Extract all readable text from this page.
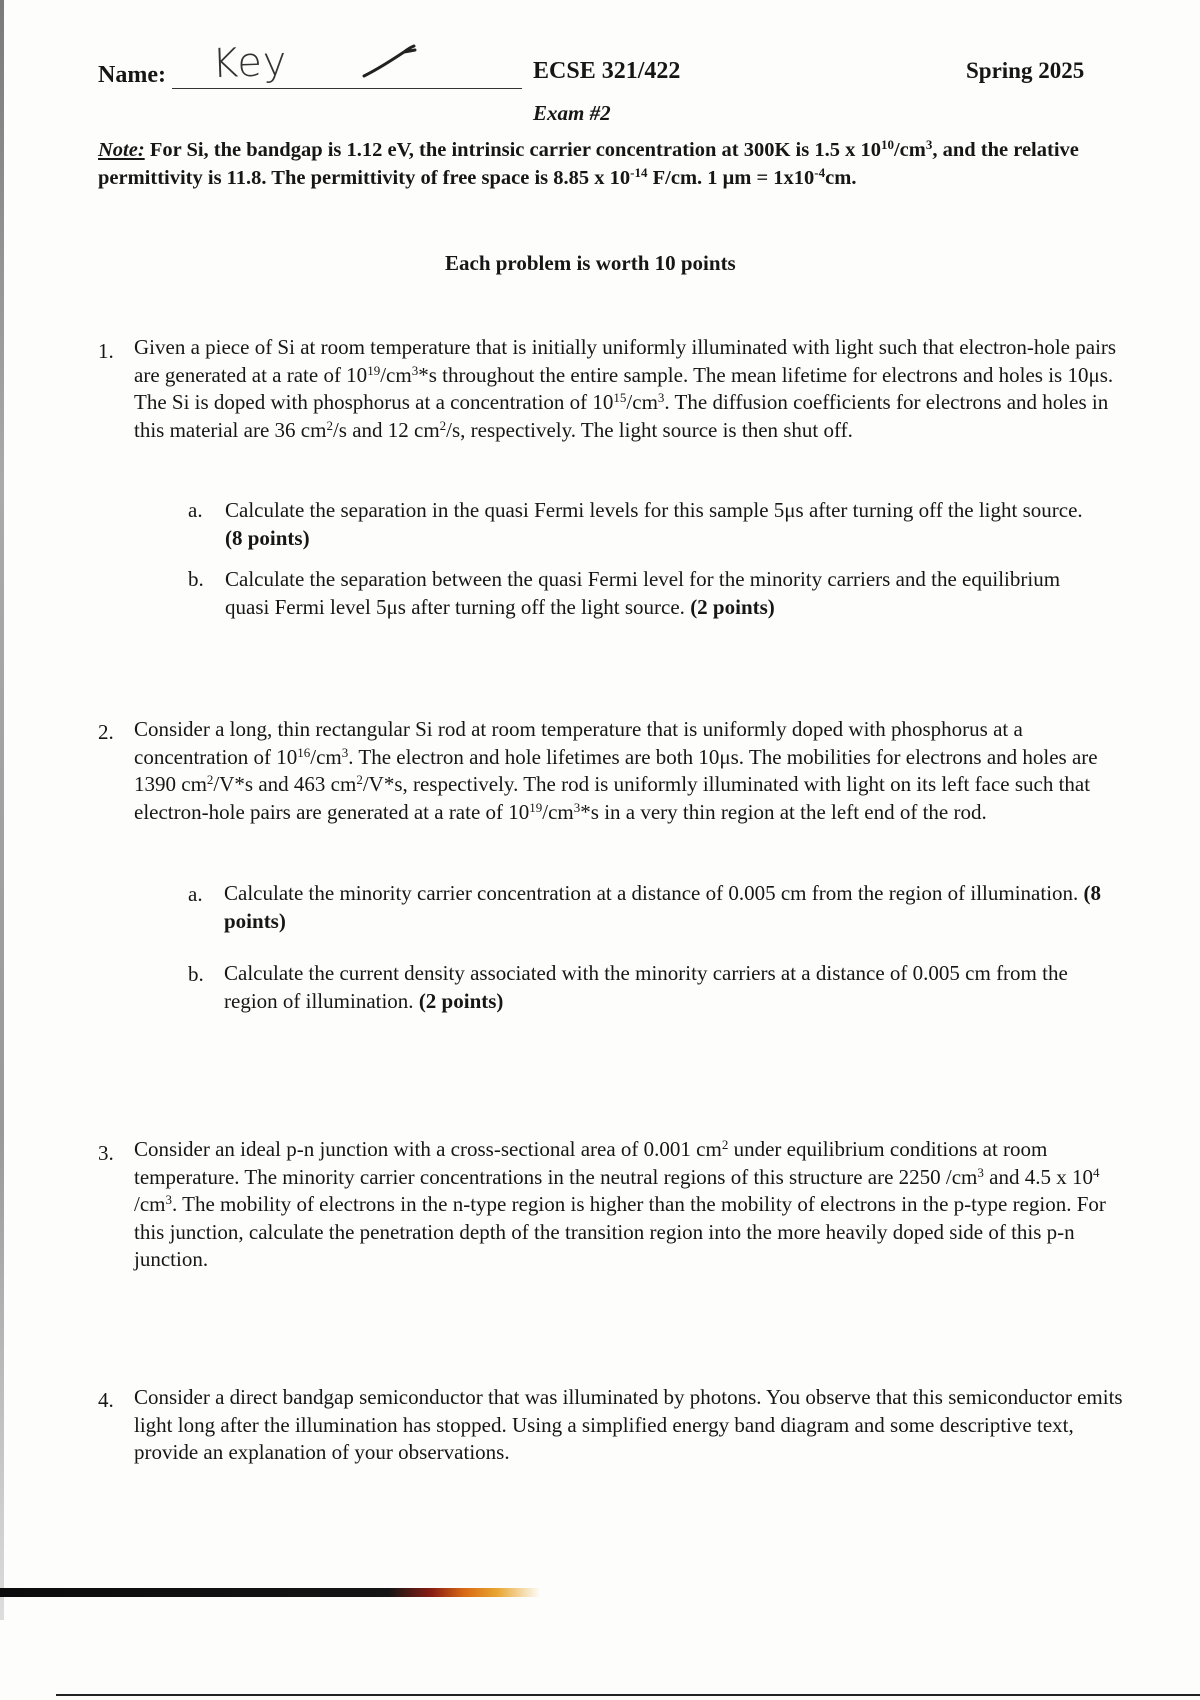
Name: Key	ECSE 321/422	Spring 2025
Exam #2
Note: For Si, the bandgap is 1.12 eV, the intrinsic carrier concentration at 300K is 1.5 x $10^{10}/cm^3$, and the relative permittivity is 11.8. The permittivity of free space is 8.85 x $10^{-14}$ F/cm. 1 $\mu m = 1x10^{-4}cm$.
Each problem is worth 10 points
1. Given a piece of Si at room temperature that is initially uniformly illuminated with light such that electron-hole pairs are generated at a rate of $10^{19}/cm^3*s$ throughout the entire sample. The mean lifetime for electrons and holes is 10μs. The Si is doped with phosphorus at a concentration of $10^{15}/cm^3$. The diffusion coefficients for electrons and holes in this material are 36 $cm^2/s$ and 12 $cm^2/s$, respectively. The light source is then shut off.
a. Calculate the separation in the quasi Fermi levels for this sample 5μs after turning off the light source. (8 points)
b. Calculate the separation between the quasi Fermi level for the minority carriers and the equilibrium quasi Fermi level 5μs after turning off the light source. (2 points)
2. Consider a long, thin rectangular Si rod at room temperature that is uniformly doped with phosphorus at a concentration of $10^{16}/cm^3$. The electron and hole lifetimes are both 10μs. The mobilities for electrons and holes are 1390 $cm^2/V*s$ and 463 $cm^2/V*s$, respectively. The rod is uniformly illuminated with light on its left face such that electron-hole pairs are generated at a rate of $10^{19}/cm^3*s$ in a very thin region at the left end of the rod.
a. Calculate the minority carrier concentration at a distance of 0.005 cm from the region of illumination. (8 points)
b. Calculate the current density associated with the minority carriers at a distance of 0.005 cm from the region of illumination. (2 points)
3. Consider an ideal p-n junction with a cross-sectional area of 0.001 $cm^2$ under equilibrium conditions at room temperature. The minority carrier concentrations in the neutral regions of this structure are 2250 $/cm^3$ and 4.5 x $10^4$ $/cm^3$. The mobility of electrons in the n-type region is higher than the mobility of electrons in the p-type region. For this junction, calculate the penetration depth of the transition region into the more heavily doped side of this p-n junction.
4. Consider a direct bandgap semiconductor that was illuminated by photons. You observe that this semiconductor emits light long after the illumination has stopped. Using a simplified energy band diagram and some descriptive text, provide an explanation of your observations.
